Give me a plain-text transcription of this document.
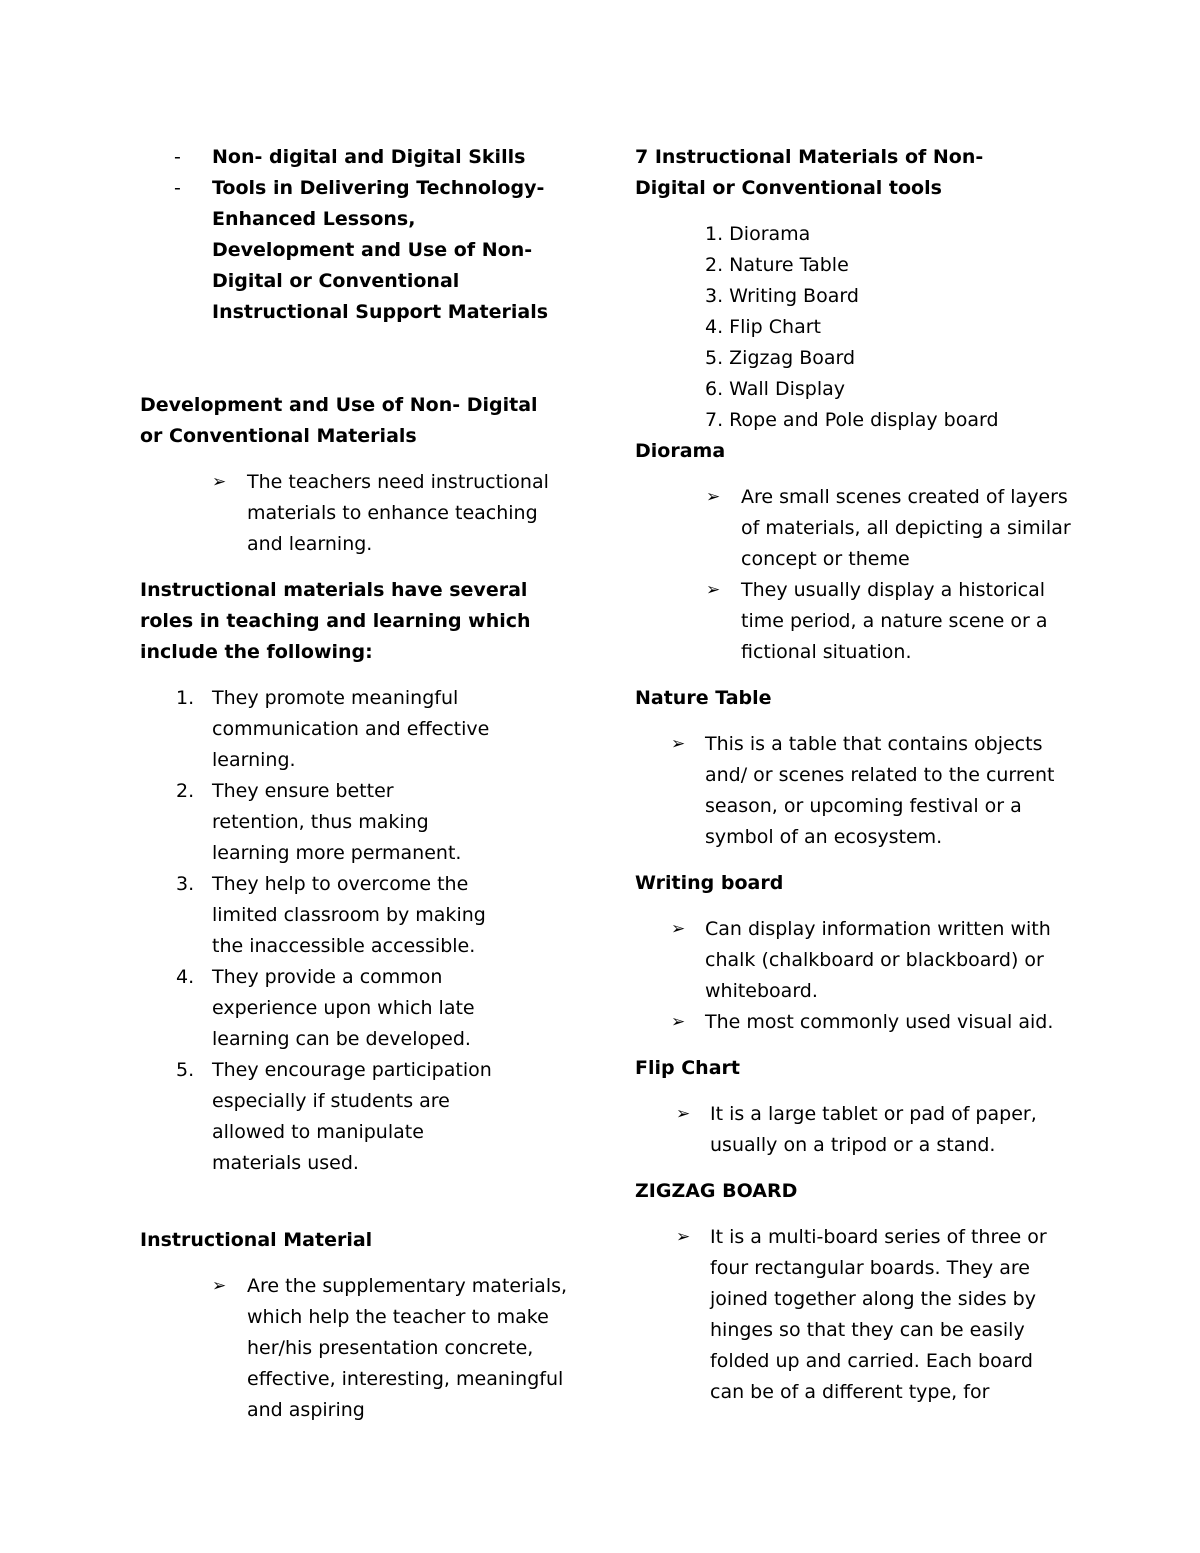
- Non- digital and Digital Skills
- Tools in Delivering Technology- Enhanced Lessons, Development and Use of Non- Digital or Conventional Instructional Support Materials
Development and Use of Non- Digital or Conventional Materials
➢ The teachers need instructional materials to enhance teaching and learning.
Instructional materials have several roles in teaching and learning which include the following:
1. They promote meaningful communication and effective learning.
2. They ensure better retention, thus making learning more permanent.
3. They help to overcome the limited classroom by making the inaccessible accessible.
4. They provide a common experience upon which late learning can be developed.
5. They encourage participation especially if students are allowed to manipulate materials used.
Instructional Material
➢ Are the supplementary materials, which help the teacher to make her/his presentation concrete, effective, interesting, meaningful and aspiring
7 Instructional Materials of Non-Digital or Conventional tools
1. Diorama
2. Nature Table
3. Writing Board
4. Flip Chart
5. Zigzag Board
6. Wall Display
7. Rope and Pole display board
Diorama
➢ Are small scenes created of layers of materials, all depicting a similar concept or theme
➢ They usually display a historical time period, a nature scene or a fictional situation.
Nature Table
➢ This is a table that contains objects and/ or scenes related to the current season, or upcoming festival or a symbol of an ecosystem.
Writing board
➢ Can display information written with chalk (chalkboard or blackboard) or whiteboard.
➢ The most commonly used visual aid.
Flip Chart
➢ It is a large tablet or pad of paper, usually on a tripod or a stand.
ZIGZAG BOARD
➢ It is a multi-board series of three or four rectangular boards. They are joined together along the sides by hinges so that they can be easily folded up and carried. Each board can be of a different type, for
